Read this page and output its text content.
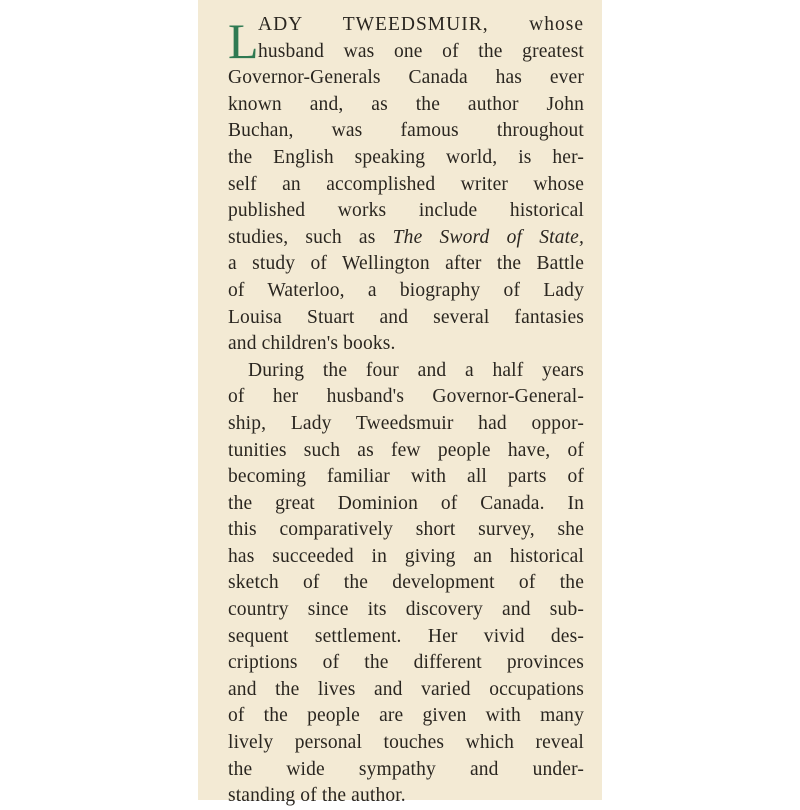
L ADY TWEEDSMUIR, whose
husband was one of the greatest
Governor-Generals Canada has ever
known and, as the author John
Buchan, was famous throughout
the English speaking world, is her-
self an accomplished writer whose
published works include historical
studies, such as The Sword of State,
a study of Wellington after the Battle
of Waterloo, a biography of Lady
Louisa Stuart and several fantasies
and children's books.
During the four and a half years
of her husband's Governor-General-
ship, Lady Tweedsmuir had oppor-
tunities such as few people have, of
becoming familiar with all parts of
the great Dominion of Canada. In
this comparatively short survey, she
has succeeded in giving an historical
sketch of the development of the
country since its discovery and sub-
sequent settlement. Her vivid des-
criptions of the different provinces
and the lives and varied occupations
of the people are given with many
lively personal touches which reveal
the wide sympathy and under-
standing of the author.
